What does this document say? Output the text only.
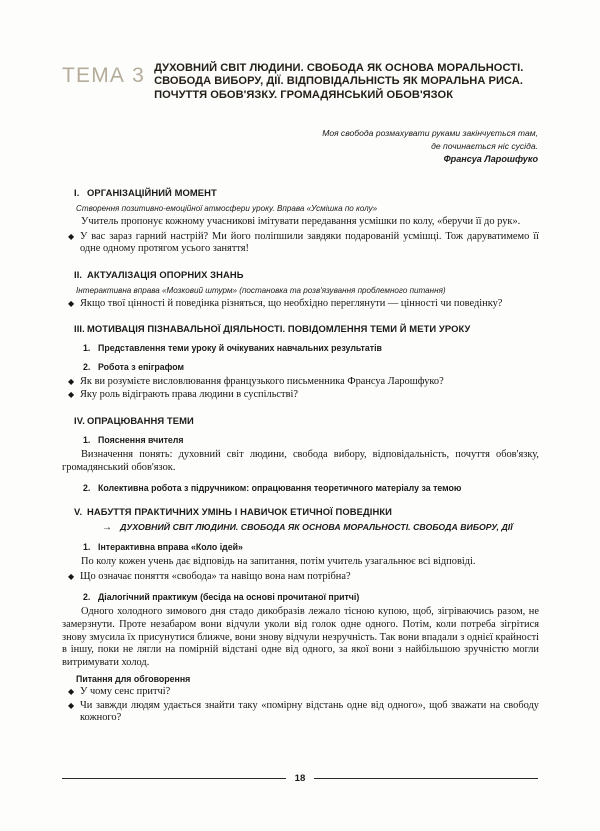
ТЕМА 3 ДУХОВНИЙ СВІТ ЛЮДИНИ. СВОБОДА ЯК ОСНОВА МОРАЛЬНОСТІ.
СВОБОДА ВИБОРУ, ДІЇ. ВІДПОВІДАЛЬНІСТЬ ЯК МОРАЛЬНА РИСА.
ПОЧУТТЯ ОБОВ'ЯЗКУ. ГРОМАДЯНСЬКИЙ ОБОВ'ЯЗОК
Моя свобода розмахувати руками закінчується там,
де починається ніс сусіда.
Франсуа Ларошфуко
I. ОРГАНІЗАЦІЙНИЙ МОМЕНТ
Створення позитивно-емоційної атмосфери уроку. Вправа «Усмішка по колу»
Учитель пропонує кожному учасникові імітувати передавання усмішки по колу, «беручи її до рук».
◆ У вас зараз гарний настрій? Ми його поліпшили завдяки подарованій усмішці. Тож даруватимемо її одне одному протягом усього заняття!
II. АКТУАЛІЗАЦІЯ ОПОРНИХ ЗНАНЬ
Інтерактивна вправа «Мозковий штурм» (постановка та розв'язування проблемного питання)
◆ Якщо твої цінності й поведінка різняться, що необхідно переглянути — цінності чи поведінку?
III. МОТИВАЦІЯ ПІЗНАВАЛЬНОЇ ДІЯЛЬНОСТІ. ПОВІДОМЛЕННЯ ТЕМИ Й МЕТИ УРОКУ
1. Представлення теми уроку й очікуваних навчальних результатів
2. Робота з епіграфом
◆ Як ви розумієте висловлювання французького письменника Франсуа Ларошфуко?
◆ Яку роль відіграють права людини в суспільстві?
IV. ОПРАЦЮВАННЯ ТЕМИ
1. Пояснення вчителя
Визначення понять: духовний світ людини, свобода вибору, відповідальність, почуття обов'язку, громадянський обов'язок.
2. Колективна робота з підручником: опрацювання теоретичного матеріалу за темою
V. НАБУТТЯ ПРАКТИЧНИХ УМІНЬ І НАВИЧОК ЕТИЧНОЇ ПОВЕДІНКИ
→ ДУХОВНИЙ СВІТ ЛЮДИНИ. СВОБОДА ЯК ОСНОВА МОРАЛЬНОСТІ. СВОБОДА ВИБОРУ, ДІЇ
1. Інтерактивна вправа «Коло ідей»
По колу кожен учень дає відповідь на запитання, потім учитель узагальнює всі відповіді.
◆ Що означає поняття «свобода» та навіщо вона нам потрібна?
2. Діалогічний практикум (бесіда на основі прочитаної притчі)
Одного холодного зимового дня стадо дикобразів лежало тісною купою, щоб, зігріваючись разом, не замерзнути. Проте незабаром вони відчули уколи від голок одне одного. Потім, коли потреба зігрітися знову змусила їх присунутися ближче, вони знову відчули незручність. Так вони впадали з однієї крайності в іншу, поки не лягли на помірній відстані одне від одного, за якої вони з найбільшою зручністю могли витримувати холод.
Питання для обговорення
◆ У чому сенс притчі?
◆ Чи завжди людям удається знайти таку «помірну відстань одне від одного», щоб зважати на свободу кожного?
18
